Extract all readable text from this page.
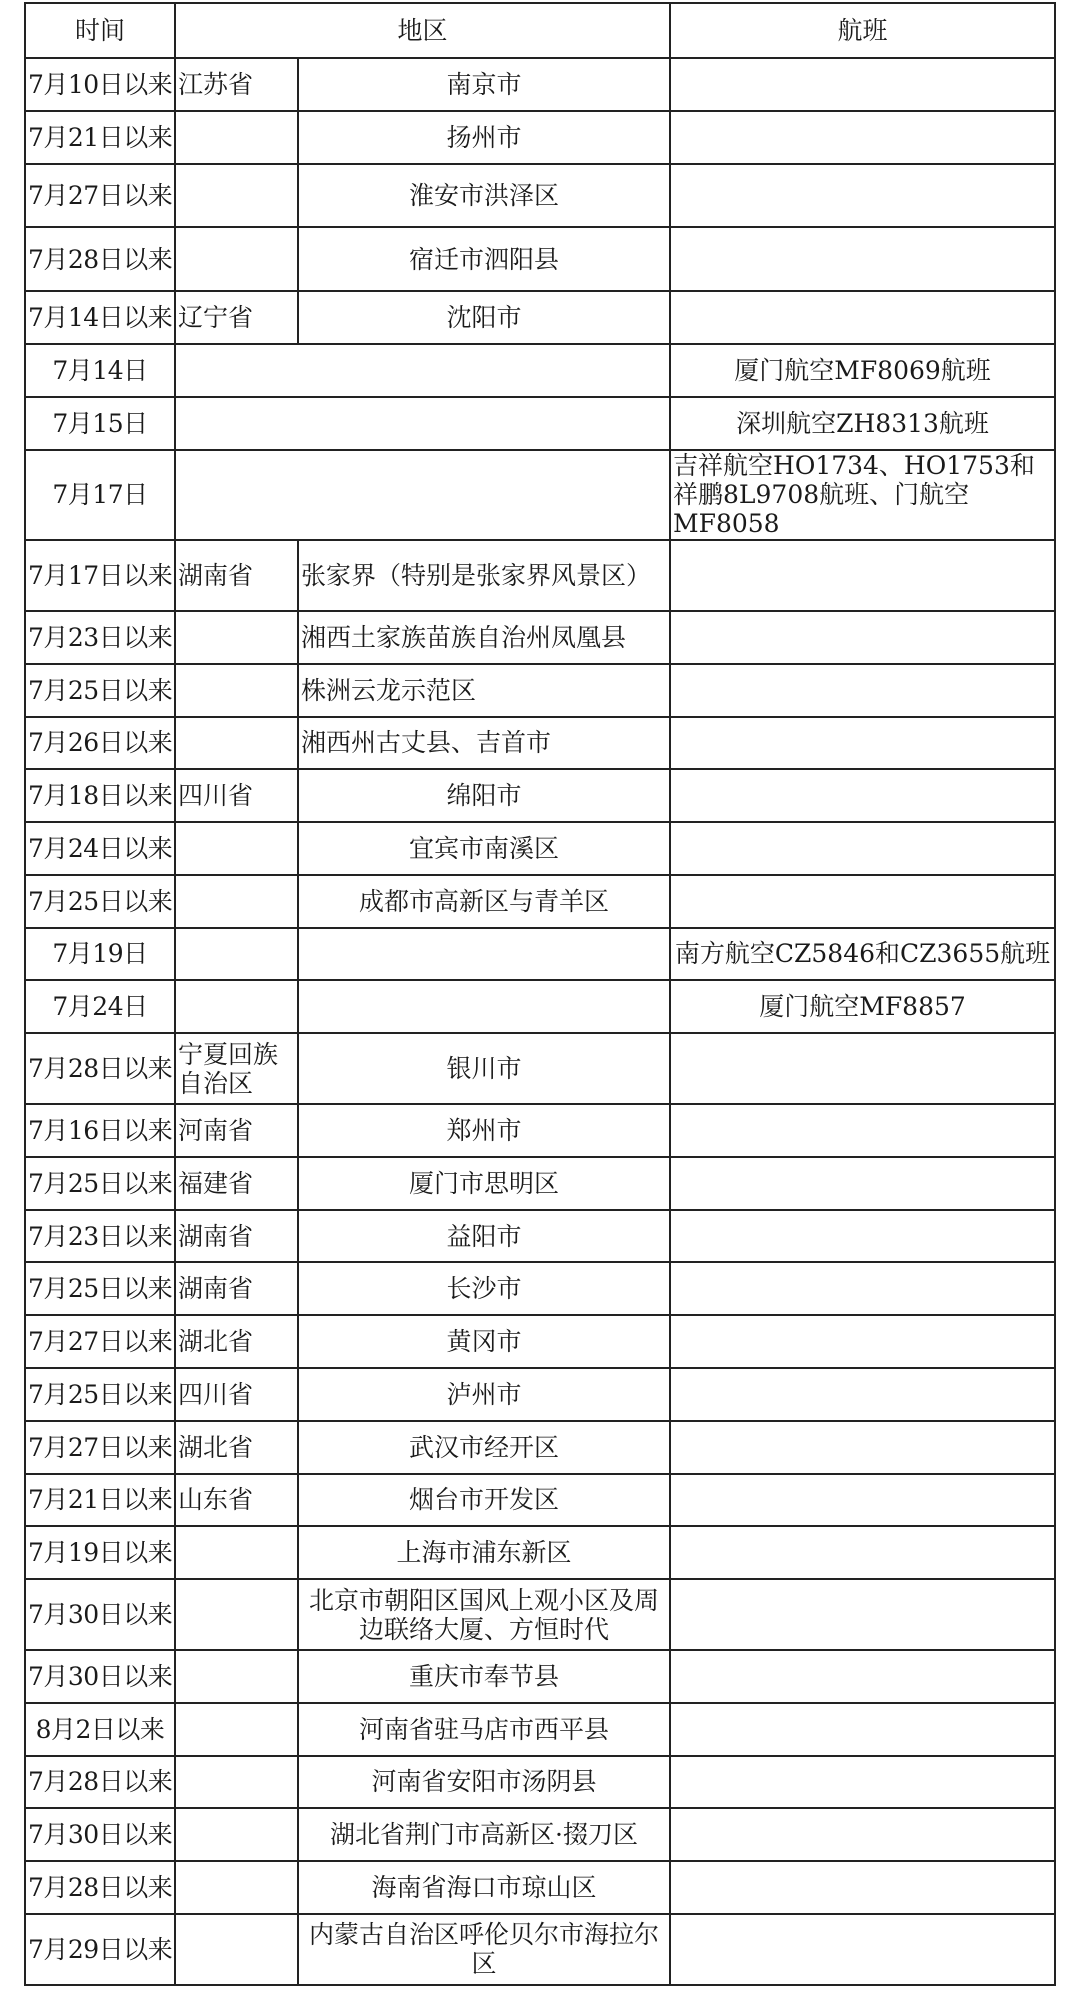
时间	地区		航班
7月10日以来	江苏省	南京市	
7月21日以来		扬州市	
7月27日以来		淮安市洪泽区	
7月28日以来		宿迁市泗阳县	
7月14日以来	辽宁省	沈阳市	
7月14日			厦门航空MF8069航班
7月15日			深圳航空ZH8313航班
7月17日			吉祥航空HO1734、HO1753和祥鹏8L9708航班、门航空MF8058
7月17日以来	湖南省	张家界（特别是张家界风景区）	
7月23日以来		湘西土家族苗族自治州凤凰县	
7月25日以来		株洲云龙示范区	
7月26日以来		湘西州古丈县、吉首市	
7月18日以来	四川省	绵阳市	
7月24日以来		宜宾市南溪区	
7月25日以来		成都市高新区与青羊区	
7月19日			南方航空CZ5846和CZ3655航班
7月24日			厦门航空MF8857
7月28日以来	宁夏回族自治区	银川市	
7月16日以来	河南省	郑州市	
7月25日以来	福建省	厦门市思明区	
7月23日以来	湖南省	益阳市	
7月25日以来	湖南省	长沙市	
7月27日以来	湖北省	黄冈市	
7月25日以来	四川省	泸州市	
7月27日以来	湖北省	武汉市经开区	
7月21日以来	山东省	烟台市开发区	
7月19日以来		上海市浦东新区	
7月30日以来		北京市朝阳区国风上观小区及周边联络大厦、方恒时代	
7月30日以来		重庆市奉节县	
8月2日以来		河南省驻马店市西平县	
7月28日以来		河南省安阳市汤阴县	
7月30日以来		湖北省荆门市高新区·掇刀区	
7月28日以来		海南省海口市琼山区	
7月29日以来		内蒙古自治区呼伦贝尔市海拉尔区	
